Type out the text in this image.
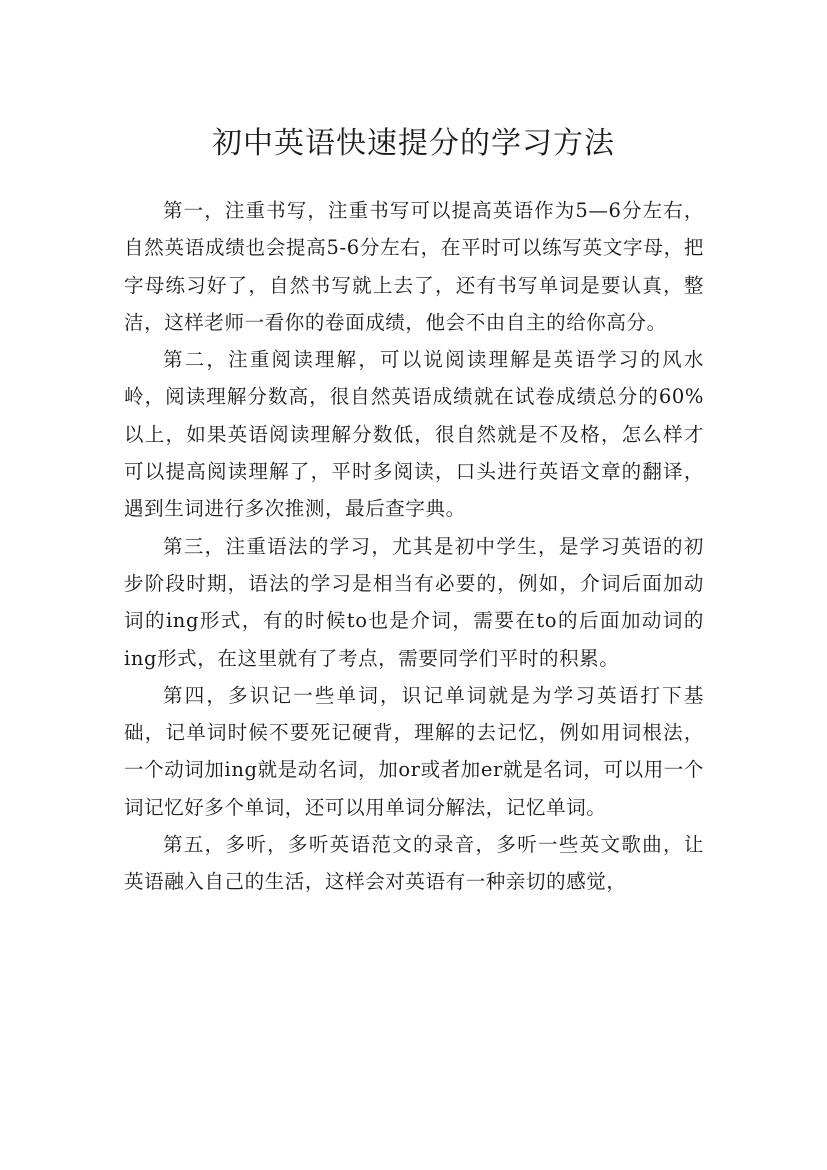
初中英语快速提分的学习方法

第一，注重书写，注重书写可以提高英语作为5—6分左右，自然英语成绩也会提高5-6分左右，在平时可以练写英文字母，把字母练习好了，自然书写就上去了，还有书写单词是要认真，整洁，这样老师一看你的卷面成绩，他会不由自主的给你高分。

第二，注重阅读理解，可以说阅读理解是英语学习的风水岭，阅读理解分数高，很自然英语成绩就在试卷成绩总分的60%以上，如果英语阅读理解分数低，很自然就是不及格，怎么样才可以提高阅读理解了，平时多阅读，口头进行英语文章的翻译，遇到生词进行多次推测，最后查字典。

第三，注重语法的学习，尤其是初中学生，是学习英语的初步阶段时期，语法的学习是相当有必要的，例如，介词后面加动词的ing形式，有的时候to也是介词，需要在to的后面加动词的ing形式，在这里就有了考点，需要同学们平时的积累。

第四，多识记一些单词，识记单词就是为学习英语打下基础，记单词时候不要死记硬背，理解的去记忆，例如用词根法，一个动词加ing就是动名词，加or或者加er就是名词，可以用一个词记忆好多个单词，还可以用单词分解法，记忆单词。

第五，多听，多听英语范文的录音，多听一些英文歌曲，让英语融入自己的生活，这样会对英语有一种亲切的感觉，
